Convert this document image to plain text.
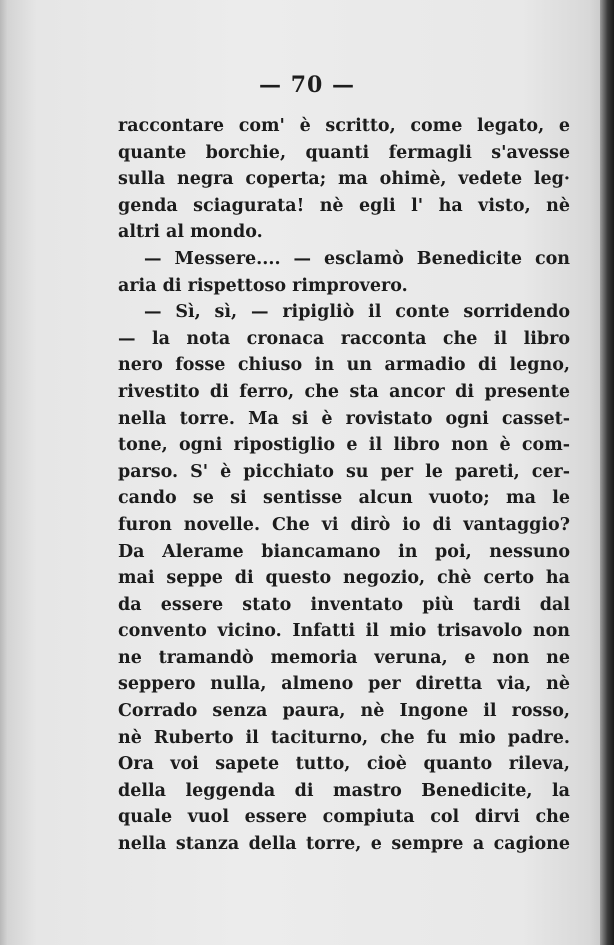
— 70 —
raccontare com' è scritto, come legato, e
quante borchie, quanti fermagli s'avesse
sulla negra coperta; ma ohimè, vedete leg·
genda sciagurata! nè egli l' ha visto, nè
altri al mondo.
— Messere.... — esclamò Benedicite con
aria di rispettoso rimprovero.
— Sì, sì, — ripigliò il conte sorridendo
— la nota cronaca racconta che il libro
nero fosse chiuso in un armadio di legno,
rivestito di ferro, che sta ancor di presente
nella torre. Ma si è rovistato ogni casset-
tone, ogni ripostiglio e il libro non è com-
parso. S' è picchiato su per le pareti, cer-
cando se si sentisse alcun vuoto; ma le
furon novelle. Che vi dirò io di vantaggio?
Da Alerame biancamano in poi, nessuno
mai seppe di questo negozio, chè certo ha
da essere stato inventato più tardi dal
convento vicino. Infatti il mio trisavolo non
ne tramandò memoria veruna, e non ne
seppero nulla, almeno per diretta via, nè
Corrado senza paura, nè Ingone il rosso,
nè Ruberto il taciturno, che fu mio padre.
Ora voi sapete tutto, cioè quanto rileva,
della leggenda di mastro Benedicite, la
quale vuol essere compiuta col dirvi che
nella stanza della torre, e sempre a cagione
